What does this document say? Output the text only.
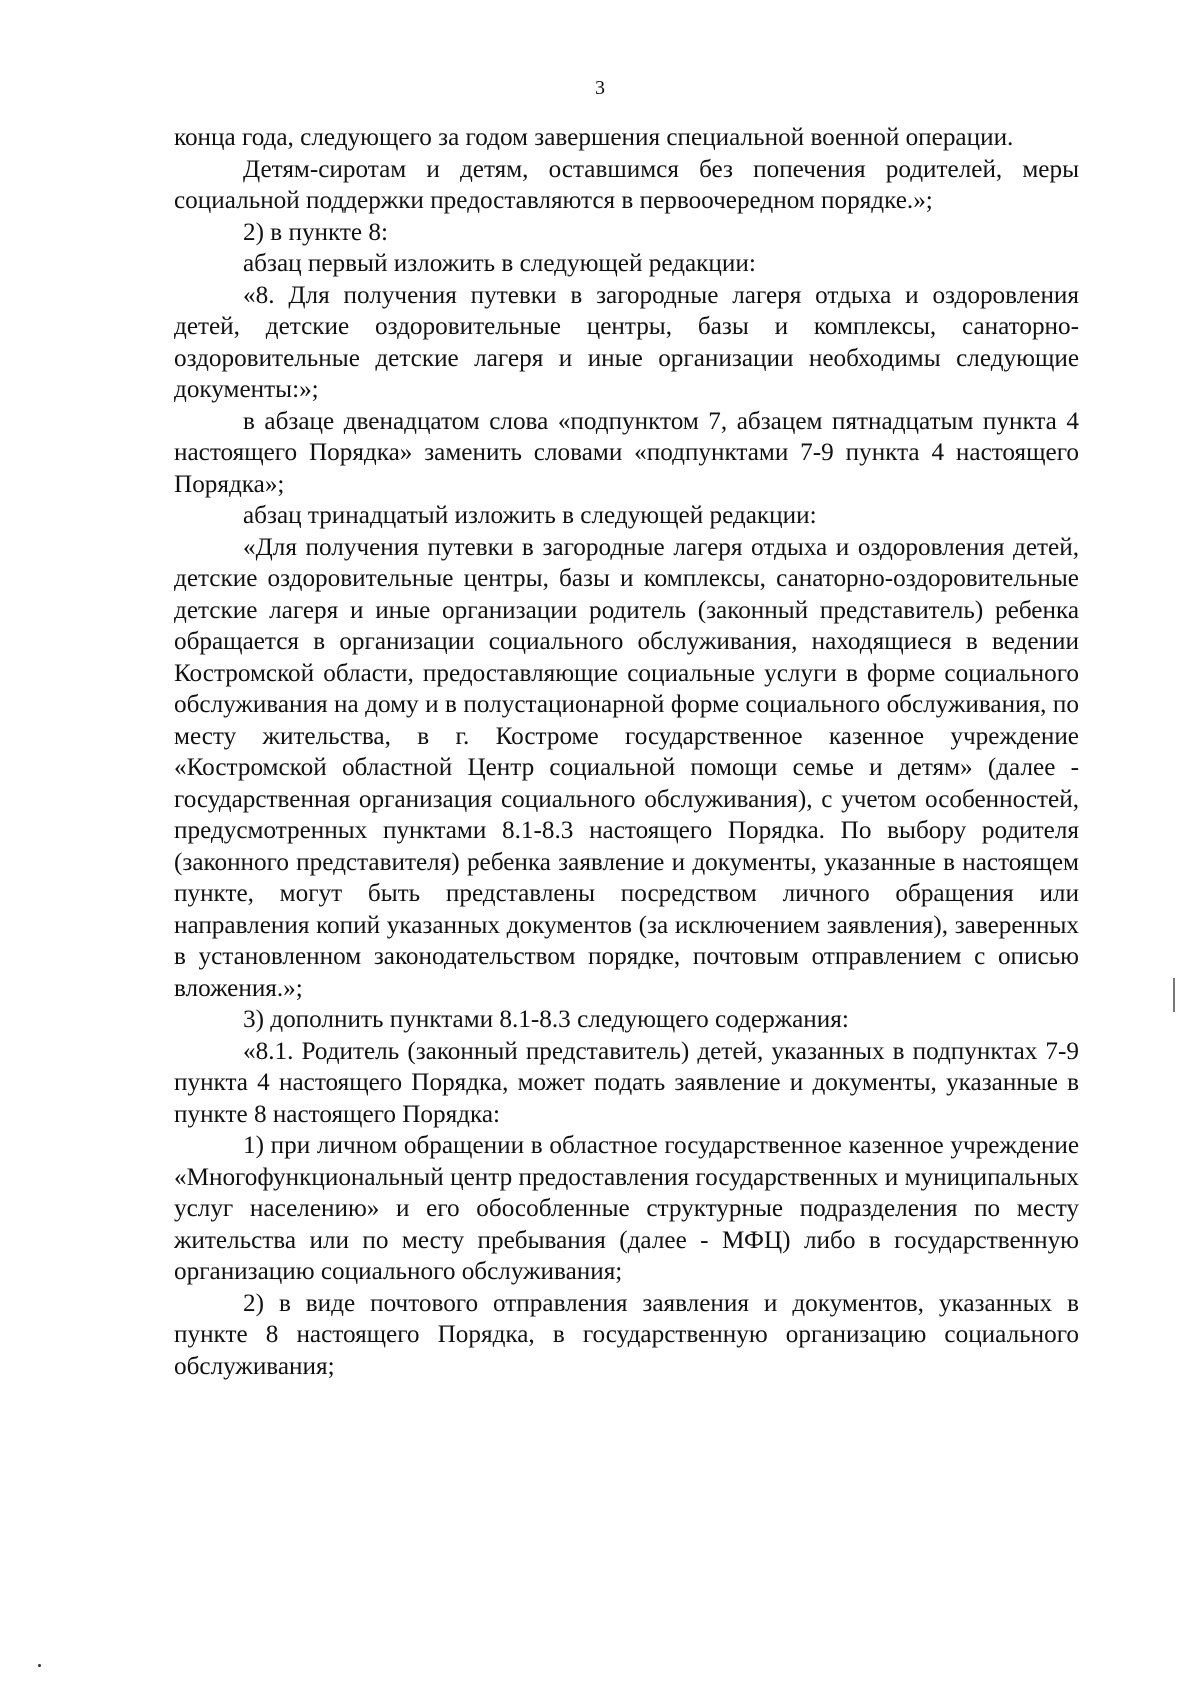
3

конца года, следующего за годом завершения специальной военной операции.

Детям-сиротам и детям, оставшимся без попечения родителей, меры социальной поддержки предоставляются в первоочередном порядке.»;

2) в пункте 8:

абзац первый изложить в следующей редакции:

«8. Для получения путевки в загородные лагеря отдыха и оздоровления детей, детские оздоровительные центры, базы и комплексы, санаторно-оздоровительные детские лагеря и иные организации необходимы следующие документы:»;

в абзаце двенадцатом слова «подпунктом 7, абзацем пятнадцатым пункта 4 настоящего Порядка» заменить словами «подпунктами 7-9 пункта 4 настоящего Порядка»;

абзац тринадцатый изложить в следующей редакции:

«Для получения путевки в загородные лагеря отдыха и оздоровления детей, детские оздоровительные центры, базы и комплексы, санаторно-оздоровительные детские лагеря и иные организации родитель (законный представитель) ребенка обращается в организации социального обслуживания, находящиеся в ведении Костромской области, предоставляющие социальные услуги в форме социального обслуживания на дому и в полустационарной форме социального обслуживания, по месту жительства, в г. Костроме государственное казенное учреждение «Костромской областной Центр социальной помощи семье и детям» (далее - государственная организация социального обслуживания), с учетом особенностей, предусмотренных пунктами 8.1-8.3 настоящего Порядка. По выбору родителя (законного представителя) ребенка заявление и документы, указанные в настоящем пункте, могут быть представлены посредством личного обращения или направления копий указанных документов (за исключением заявления), заверенных в установленном законодательством порядке, почтовым отправлением с описью вложения.»;

3) дополнить пунктами 8.1-8.3 следующего содержания:

«8.1. Родитель (законный представитель) детей, указанных в подпунктах 7-9 пункта 4 настоящего Порядка, может подать заявление и документы, указанные в пункте 8 настоящего Порядка:

1) при личном обращении в областное государственное казенное учреждение «Многофункциональный центр предоставления государственных и муниципальных услуг населению» и его обособленные структурные подразделения по месту жительства или по месту пребывания (далее - МФЦ) либо в государственную организацию социального обслуживания;

2) в виде почтового отправления заявления и документов, указанных в пункте 8 настоящего Порядка, в государственную организацию социального обслуживания;
